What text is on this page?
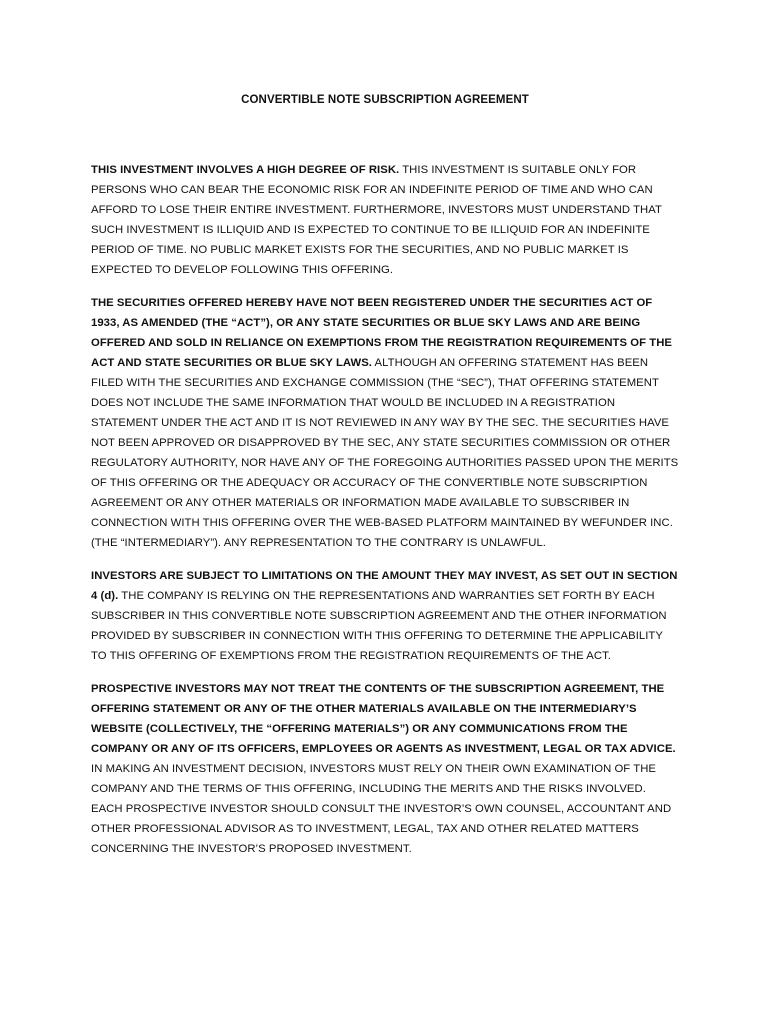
CONVERTIBLE NOTE SUBSCRIPTION AGREEMENT

THIS INVESTMENT INVOLVES A HIGH DEGREE OF RISK. THIS INVESTMENT IS SUITABLE ONLY FOR PERSONS WHO CAN BEAR THE ECONOMIC RISK FOR AN INDEFINITE PERIOD OF TIME AND WHO CAN AFFORD TO LOSE THEIR ENTIRE INVESTMENT. FURTHERMORE, INVESTORS MUST UNDERSTAND THAT SUCH INVESTMENT IS ILLIQUID AND IS EXPECTED TO CONTINUE TO BE ILLIQUID FOR AN INDEFINITE PERIOD OF TIME. NO PUBLIC MARKET EXISTS FOR THE SECURITIES, AND NO PUBLIC MARKET IS EXPECTED TO DEVELOP FOLLOWING THIS OFFERING.

THE SECURITIES OFFERED HEREBY HAVE NOT BEEN REGISTERED UNDER THE SECURITIES ACT OF 1933, AS AMENDED (THE “ACT”), OR ANY STATE SECURITIES OR BLUE SKY LAWS AND ARE BEING OFFERED AND SOLD IN RELIANCE ON EXEMPTIONS FROM THE REGISTRATION REQUIREMENTS OF THE ACT AND STATE SECURITIES OR BLUE SKY LAWS. ALTHOUGH AN OFFERING STATEMENT HAS BEEN FILED WITH THE SECURITIES AND EXCHANGE COMMISSION (THE “SEC”), THAT OFFERING STATEMENT DOES NOT INCLUDE THE SAME INFORMATION THAT WOULD BE INCLUDED IN A REGISTRATION STATEMENT UNDER THE ACT AND IT IS NOT REVIEWED IN ANY WAY BY THE SEC. THE SECURITIES HAVE NOT BEEN APPROVED OR DISAPPROVED BY THE SEC, ANY STATE SECURITIES COMMISSION OR OTHER REGULATORY AUTHORITY, NOR HAVE ANY OF THE FOREGOING AUTHORITIES PASSED UPON THE MERITS OF THIS OFFERING OR THE ADEQUACY OR ACCURACY OF THE CONVERTIBLE NOTE SUBSCRIPTION AGREEMENT OR ANY OTHER MATERIALS OR INFORMATION MADE AVAILABLE TO SUBSCRIBER IN CONNECTION WITH THIS OFFERING OVER THE WEB-BASED PLATFORM MAINTAINED BY WEFUNDER INC. (THE “INTERMEDIARY”). ANY REPRESENTATION TO THE CONTRARY IS UNLAWFUL.

INVESTORS ARE SUBJECT TO LIMITATIONS ON THE AMOUNT THEY MAY INVEST, AS SET OUT IN SECTION 4 (d). THE COMPANY IS RELYING ON THE REPRESENTATIONS AND WARRANTIES SET FORTH BY EACH SUBSCRIBER IN THIS CONVERTIBLE NOTE SUBSCRIPTION AGREEMENT AND THE OTHER INFORMATION PROVIDED BY SUBSCRIBER IN CONNECTION WITH THIS OFFERING TO DETERMINE THE APPLICABILITY TO THIS OFFERING OF EXEMPTIONS FROM THE REGISTRATION REQUIREMENTS OF THE ACT.

PROSPECTIVE INVESTORS MAY NOT TREAT THE CONTENTS OF THE SUBSCRIPTION AGREEMENT, THE OFFERING STATEMENT OR ANY OF THE OTHER MATERIALS AVAILABLE ON THE INTERMEDIARY’S WEBSITE (COLLECTIVELY, THE “OFFERING MATERIALS”) OR ANY COMMUNICATIONS FROM THE COMPANY OR ANY OF ITS OFFICERS, EMPLOYEES OR AGENTS AS INVESTMENT, LEGAL OR TAX ADVICE. IN MAKING AN INVESTMENT DECISION, INVESTORS MUST RELY ON THEIR OWN EXAMINATION OF THE COMPANY AND THE TERMS OF THIS OFFERING, INCLUDING THE MERITS AND THE RISKS INVOLVED. EACH PROSPECTIVE INVESTOR SHOULD CONSULT THE INVESTOR’S OWN COUNSEL, ACCOUNTANT AND OTHER PROFESSIONAL ADVISOR AS TO INVESTMENT, LEGAL, TAX AND OTHER RELATED MATTERS CONCERNING THE INVESTOR’S PROPOSED INVESTMENT.
